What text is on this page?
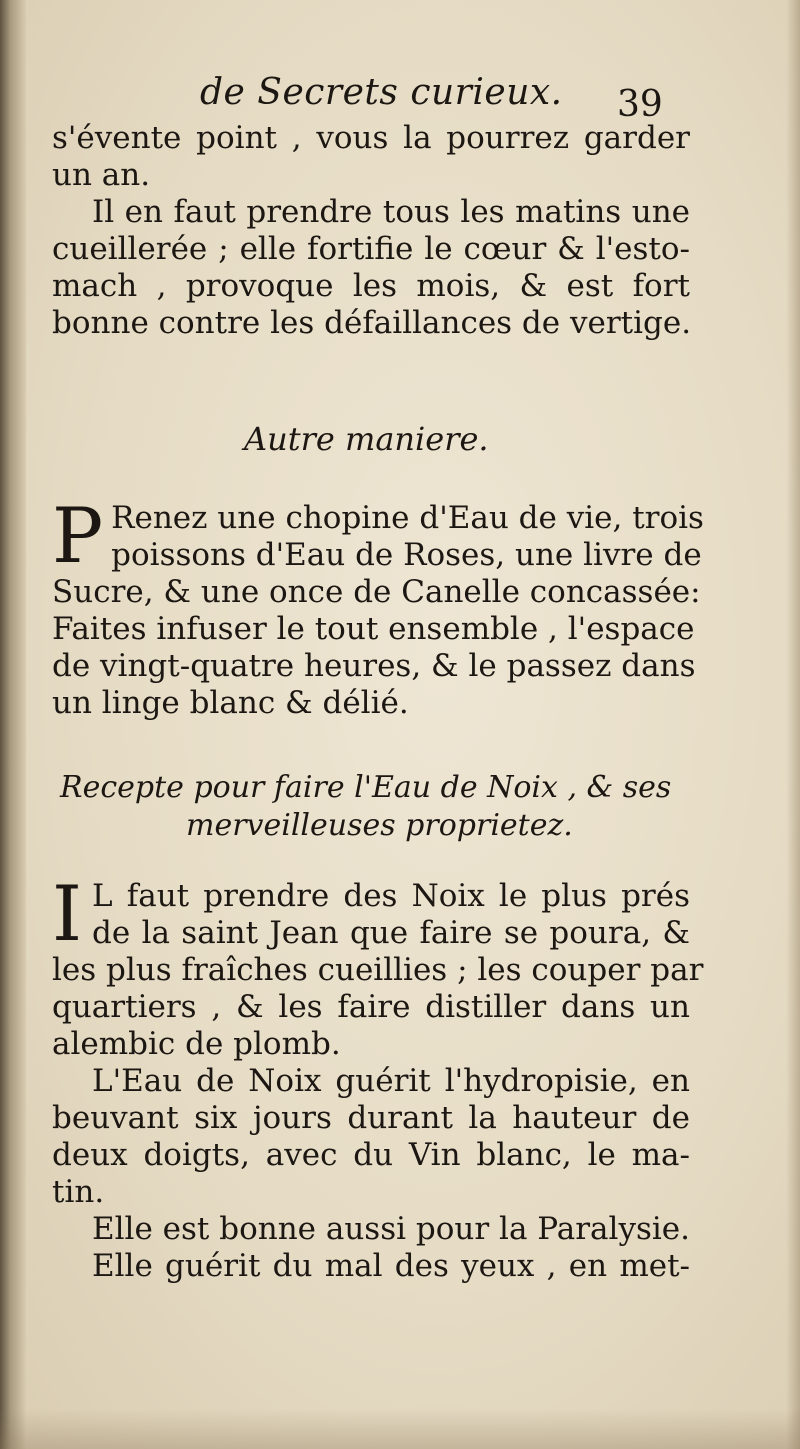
de Secrets curieux. 39
s'évente point , vous la pourrez garder
un an.
Il en faut prendre tous les matins une
cueillerée ; elle fortifie le cœur & l'esto-
mach , provoque les mois, & est fort
bonne contre les défaillances de vertige.
Autre maniere.
P Renez une chopine d'Eau de vie, trois
poissons d'Eau de Roses, une livre de
Sucre, & une once de Canelle concassée:
Faites infuser le tout ensemble , l'espace
de vingt-quatre heures, & le passez dans
un linge blanc & délié.
Recepte pour faire l'Eau de Noix , & ses
merveilleuses proprietez.
I L faut prendre des Noix le plus prés
de la saint Jean que faire se poura, &
les plus fraîches cueillies ; les couper par
quartiers , & les faire distiller dans un
alembic de plomb.
L'Eau de Noix guérit l'hydropisie, en
beuvant six jours durant la hauteur de
deux doigts, avec du Vin blanc, le ma-
tin.
Elle est bonne aussi pour la Paralysie.
Elle guérit du mal des yeux , en met-
